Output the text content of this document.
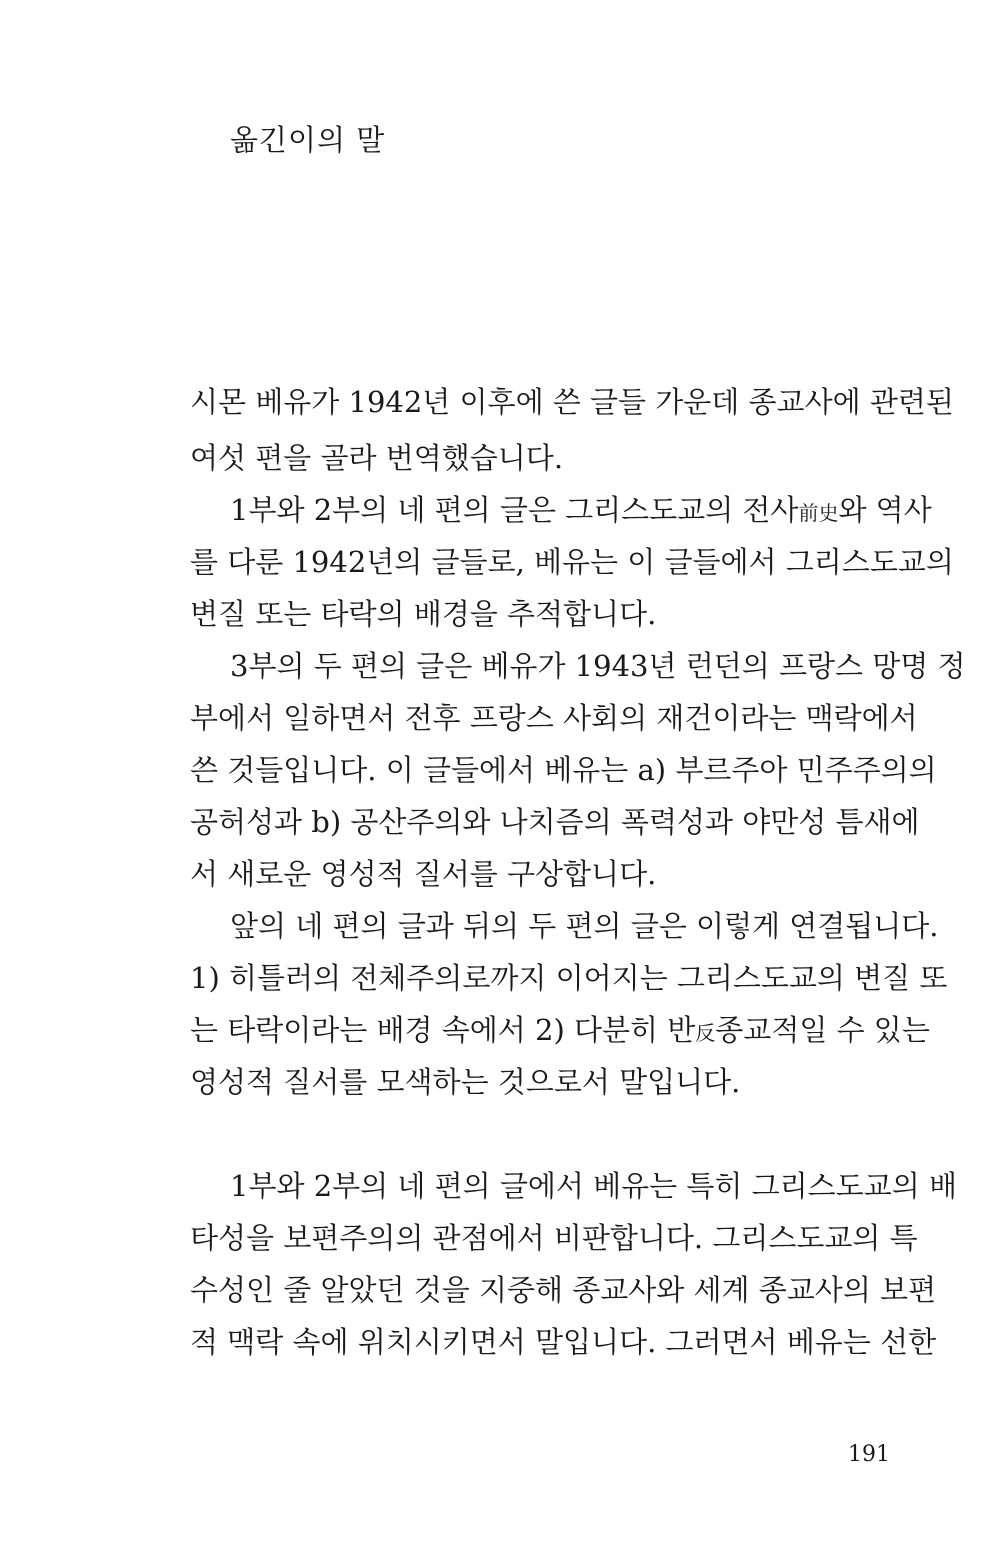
옮긴이의 말

시몬 베유가 1942년 이후에 쓴 글들 가운데 종교사에 관련된

여섯 편을 골라 번역했습니다.

1부와 2부의 네 편의 글은 그리스도교의 전사前史와 역사

를 다룬 1942년의 글들로, 베유는 이 글들에서 그리스도교의

변질 또는 타락의 배경을 추적합니다.

3부의 두 편의 글은 베유가 1943년 런던의 프랑스 망명 정

부에서 일하면서 전후 프랑스 사회의 재건이라는 맥락에서

쓴 것들입니다. 이 글들에서 베유는 a) 부르주아 민주주의의

공허성과 b) 공산주의와 나치즘의 폭력성과 야만성 틈새에

서 새로운 영성적 질서를 구상합니다.

앞의 네 편의 글과 뒤의 두 편의 글은 이렇게 연결됩니다.

1) 히틀러의 전체주의로까지 이어지는 그리스도교의 변질 또

는 타락이라는 배경 속에서 2) 다분히 반反종교적일 수 있는

영성적 질서를 모색하는 것으로서 말입니다.

1부와 2부의 네 편의 글에서 베유는 특히 그리스도교의 배

타성을 보편주의의 관점에서 비판합니다. 그리스도교의 특

수성인 줄 알았던 것을 지중해 종교사와 세계 종교사의 보편

적 맥락 속에 위치시키면서 말입니다. 그러면서 베유는 선한

191
